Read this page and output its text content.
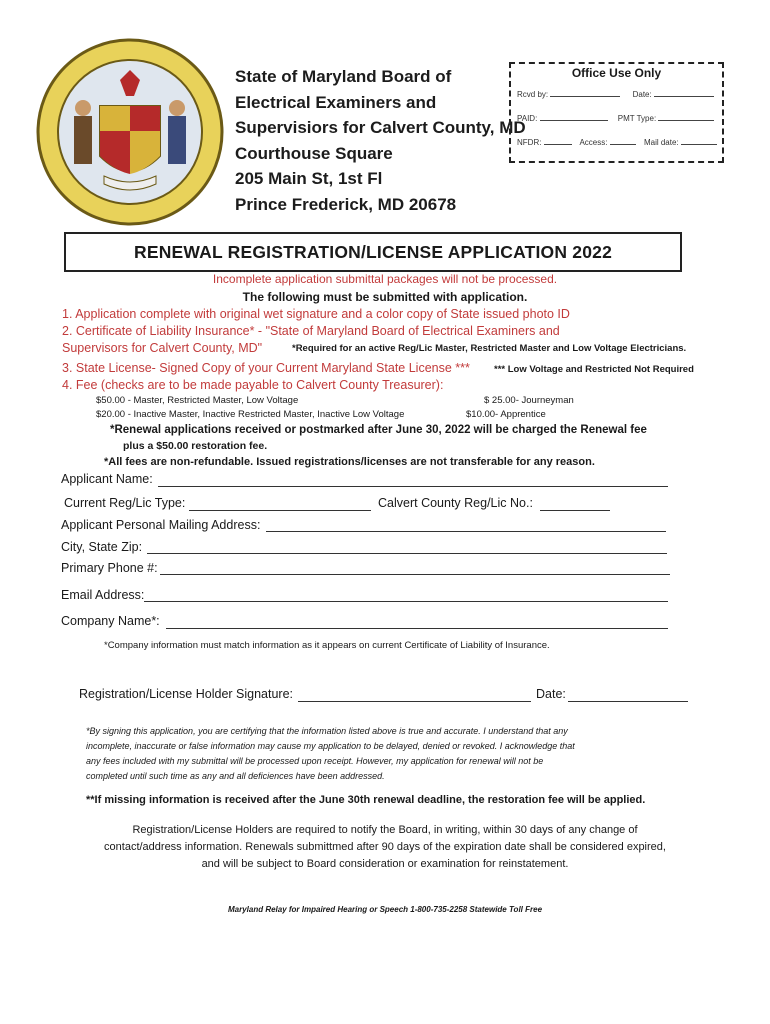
State of Maryland Board of
Electrical Examiners and
Supervisiors for Calvert County, MD
Courthouse Square
205 Main St, 1st Fl
Prince Frederick, MD 20678
Office Use Only
Rcvd by:	Date:
PAID:	PMT Type:
NFDR:	Access:	Mail date:
RENEWAL REGISTRATION/LICENSE APPLICATION 2022
Incomplete application submittal packages will not be processed.
The following must be submitted with application.
1. Application complete with original wet signature and a color copy of State issued photo ID
2. Certificate of Liability Insurance* - "State of Maryland Board of Electrical Examiners and
Supervisors for Calvert County, MD"	*Required for an active Reg/Lic Master, Restricted Master and Low Voltage Electricians.
3. State License- Signed Copy of your Current Maryland State License ***	*** Low Voltage and Restricted Not Required
4. Fee (checks are to be made payable to Calvert County Treasurer):
$50.00 - Master, Restricted Master, Low Voltage	$ 25.00- Journeyman
$20.00 - Inactive Master, Inactive Restricted Master, Inactive Low Voltage	$10.00- Apprentice
*Renewal applications received or postmarked after June 30, 2022 will be charged the Renewal fee
plus a $50.00 restoration fee.
*All fees are non-refundable. Issued registrations/licenses are not transferable for any reason.
Applicant Name:
Current Reg/Lic Type:	Calvert County Reg/Lic No.:
Applicant Personal Mailing Address:
City, State Zip:
Primary Phone #:
Email Address:
Company Name*:
*Company information must match information as it appears on current Certificate of Liability of Insurance.
Registration/License Holder Signature:	Date:
*By signing this application, you are certifying that the information listed above is true and accurate. I understand that any
incomplete, inaccurate or false information may cause my application to be delayed, denied or revoked. I acknowledge that
any fees included with my submittal will be processed upon receipt. However, my application for renewal will not be
completed until such time as any and all deficiences have been addressed.
**If missing information is received after the June 30th renewal deadline, the restoration fee will be applied.
Registration/License Holders are required to notify the Board, in writing, within 30 days of any change of
contact/address information. Renewals submittmed after 90 days of the expiration date shall be considered expired,
and will be subject to Board consideration or examination for reinstatement.
Maryland Relay for Impaired Hearing or Speech 1-800-735-2258 Statewide Toll Free
